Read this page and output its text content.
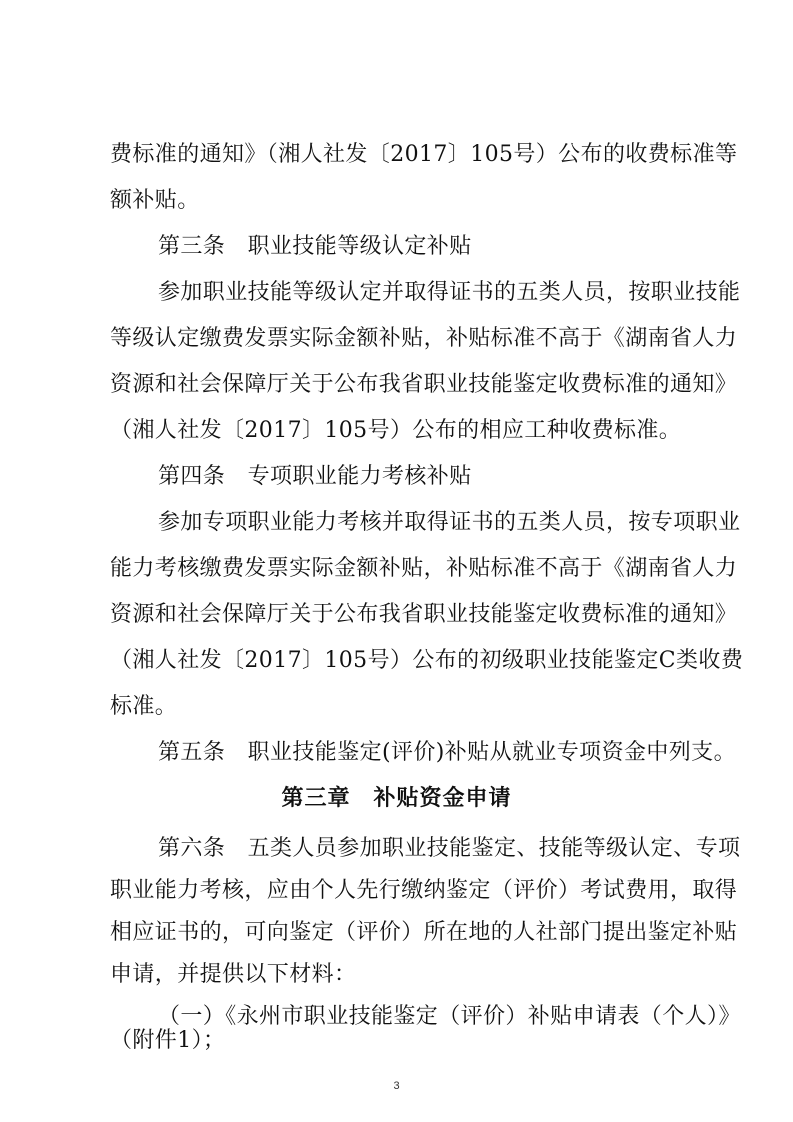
费标准的通知》（湘人社发〔2017〕105号）公布的收费标准等
额补贴。
第三条　职业技能等级认定补贴
参加职业技能等级认定并取得证书的五类人员，按职业技能
等级认定缴费发票实际金额补贴，补贴标准不高于《湖南省人力
资源和社会保障厅关于公布我省职业技能鉴定收费标准的通知》
（湘人社发〔2017〕105号）公布的相应工种收费标准。
第四条　专项职业能力考核补贴
参加专项职业能力考核并取得证书的五类人员，按专项职业
能力考核缴费发票实际金额补贴，补贴标准不高于《湖南省人力
资源和社会保障厅关于公布我省职业技能鉴定收费标准的通知》
（湘人社发〔2017〕105号）公布的初级职业技能鉴定C类收费
标准。
第五条　职业技能鉴定(评价)补贴从就业专项资金中列支。
第三章　补贴资金申请
第六条　五类人员参加职业技能鉴定、技能等级认定、专项
职业能力考核，应由个人先行缴纳鉴定（评价）考试费用，取得
相应证书的，可向鉴定（评价）所在地的人社部门提出鉴定补贴
申请，并提供以下材料：
（一）《永州市职业技能鉴定（评价）补贴申请表（个人）》
3
（附件1）；
